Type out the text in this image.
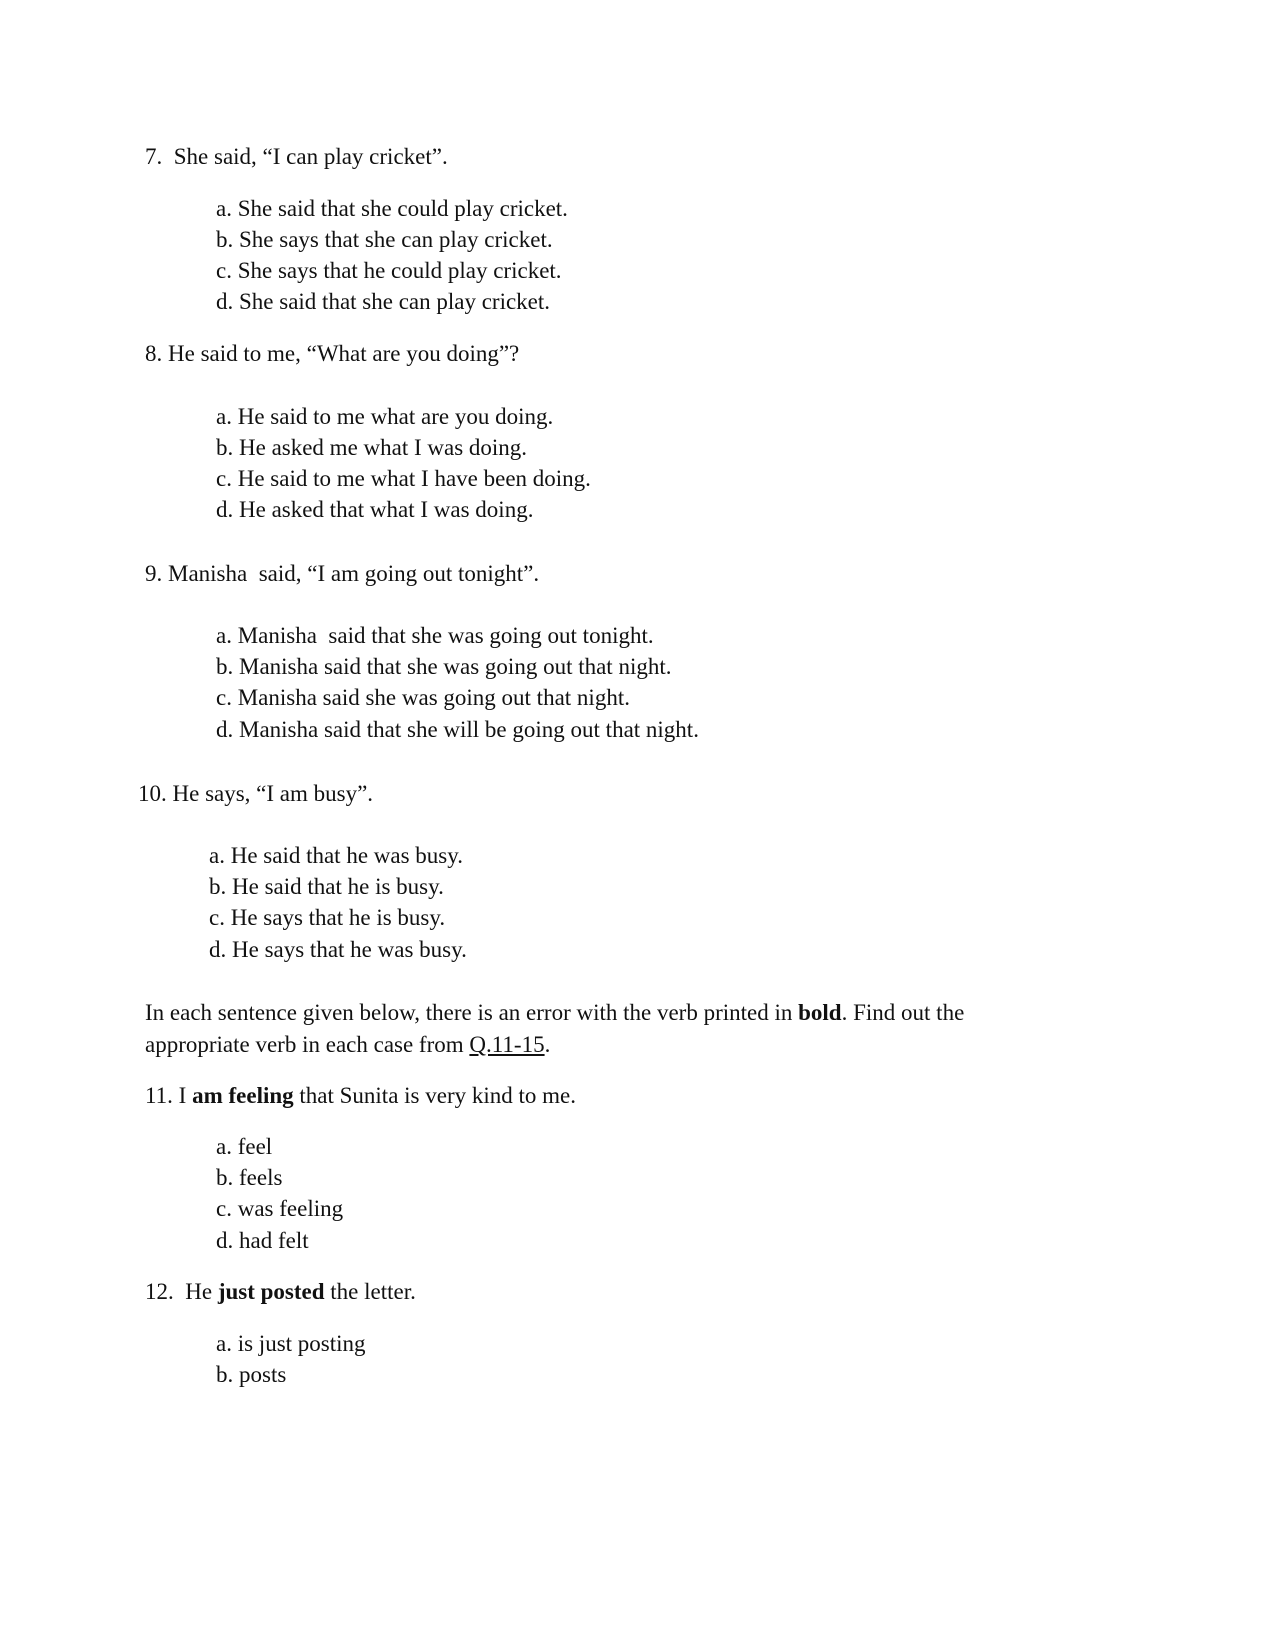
7. She said, “I can play cricket”.

a. She said that she could play cricket.

b. She says that she can play cricket.

c. She says that he could play cricket.

d. She said that she can play cricket.

8. He said to me, “What are you doing”?

a. He said to me what are you doing.

b. He asked me what I was doing.

c. He said to me what I have been doing.

d. He asked that what I was doing.

9. Manisha  said, “I am going out tonight”.

a. Manisha  said that she was going out tonight.

b. Manisha said that she was going out that night.

c. Manisha said she was going out that night.

d. Manisha said that she will be going out that night.

10. He says, “I am busy”.

a. He said that he was busy.

b. He said that he is busy.

c. He says that he is busy.

d. He says that he was busy.

In each sentence given below, there is an error with the verb printed in bold. Find out the

appropriate verb in each case from Q.11-15.

11. I am feeling that Sunita is very kind to me.

a. feel

b. feels

c. was feeling

d. had felt

12. He just posted the letter.

a. is just posting

b. posts
